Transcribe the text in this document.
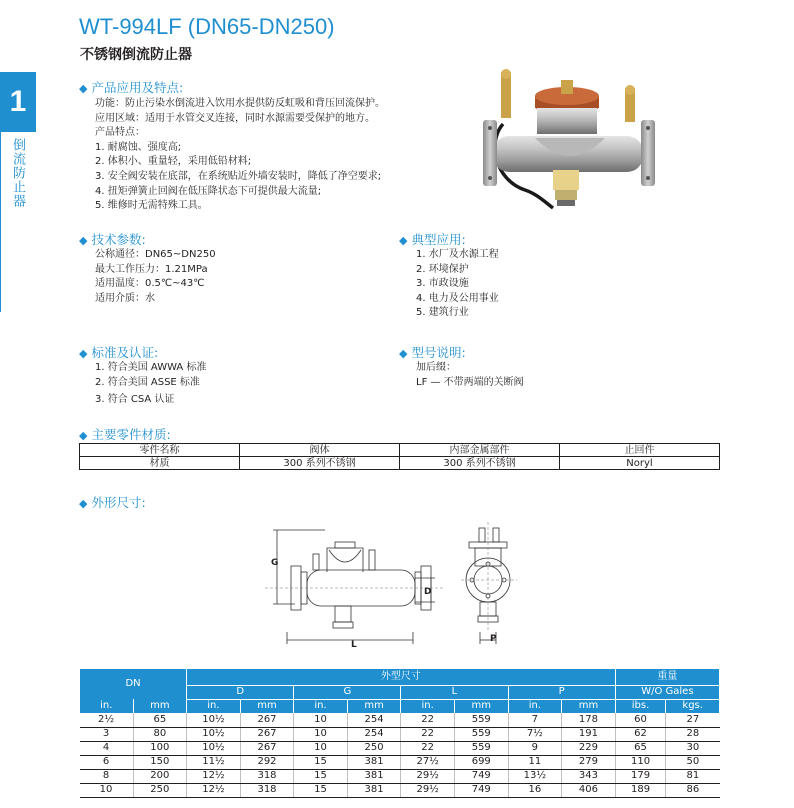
1
倒流防止器
WT-994LF (DN65-DN250)
不锈钢倒流防止器
◆ 产品应用及特点:
功能：防止污染水倒流进入饮用水提供防反虹吸和背压回流保护。
应用区域：适用于水管交叉连接，同时水源需要受保护的地方。
产品特点：
1. 耐腐蚀、强度高;
2. 体积小、重量轻，采用低铅材料;
3. 安全阀安装在底部，在系统贴近外墙安装时，降低了净空要求;
4. 扭矩弹簧止回阀在低压降状态下可提供最大流量;
5. 维修时无需特殊工具。
◆ 技术参数:
公称通径：DN65~DN250
最大工作压力：1.21MPa
适用温度：0.5℃~43℃
适用介质：水
◆ 典型应用:
1. 水厂及水源工程
2. 环境保护
3. 市政设施
4. 电力及公用事业
5. 建筑行业
◆ 标准及认证:
1. 符合美国 AWWA 标准
2. 符合美国 ASSE 标准
3. 符合 CSA 认证
◆ 型号说明:
加后缀：
LF — 不带两端的关断阀
◆ 主要零件材质:
零件名称	阀体	内部金属部件	止回件
材质	300 系列不锈钢	300 系列不锈钢	Noryl
◆ 外形尺寸:
G
D
L
P
DN		外型尺寸								重量	
		D		G		L		P		W/O Gales	
in.	mm	in.	mm	in.	mm	in.	mm	in.	mm	ibs.	kgs.
2½	65	10½	267	10	254	22	559	7	178	60	27
3	80	10½	267	10	254	22	559	7½	191	62	28
4	100	10½	267	10	250	22	559	9	229	65	30
6	150	11½	292	15	381	27½	699	11	279	110	50
8	200	12½	318	15	381	29½	749	13½	343	179	81
10	250	12½	318	15	381	29½	749	16	406	189	86
